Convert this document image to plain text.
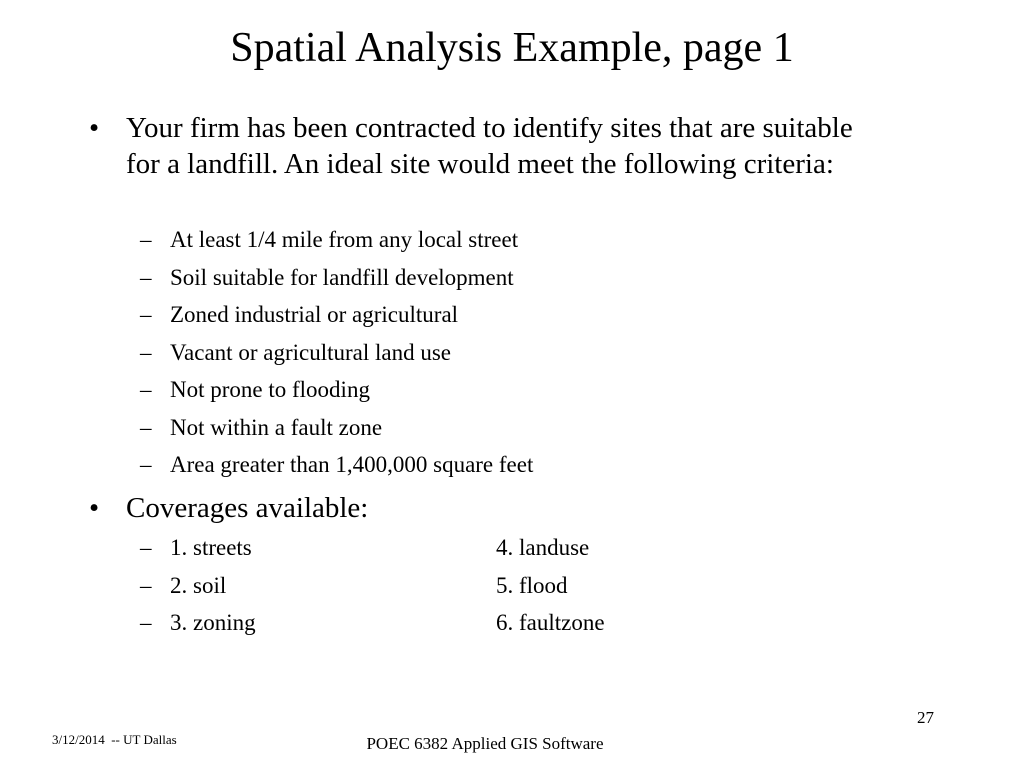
Spatial Analysis Example, page 1
• Your firm has been contracted to identify sites that are suitable for a landfill. An ideal site would meet the following criteria:
– At least 1/4 mile from any local street
– Soil suitable for landfill development
– Zoned industrial or agricultural
– Vacant or agricultural land use
– Not prone to flooding
– Not within a fault zone
– Area greater than 1,400,000 square feet
• Coverages available:
– 1. streets	4. landuse
– 2. soil	5. flood
– 3. zoning	6. faultzone
27
3/12/2014  -- UT Dallas	POEC 6382 Applied GIS Software
